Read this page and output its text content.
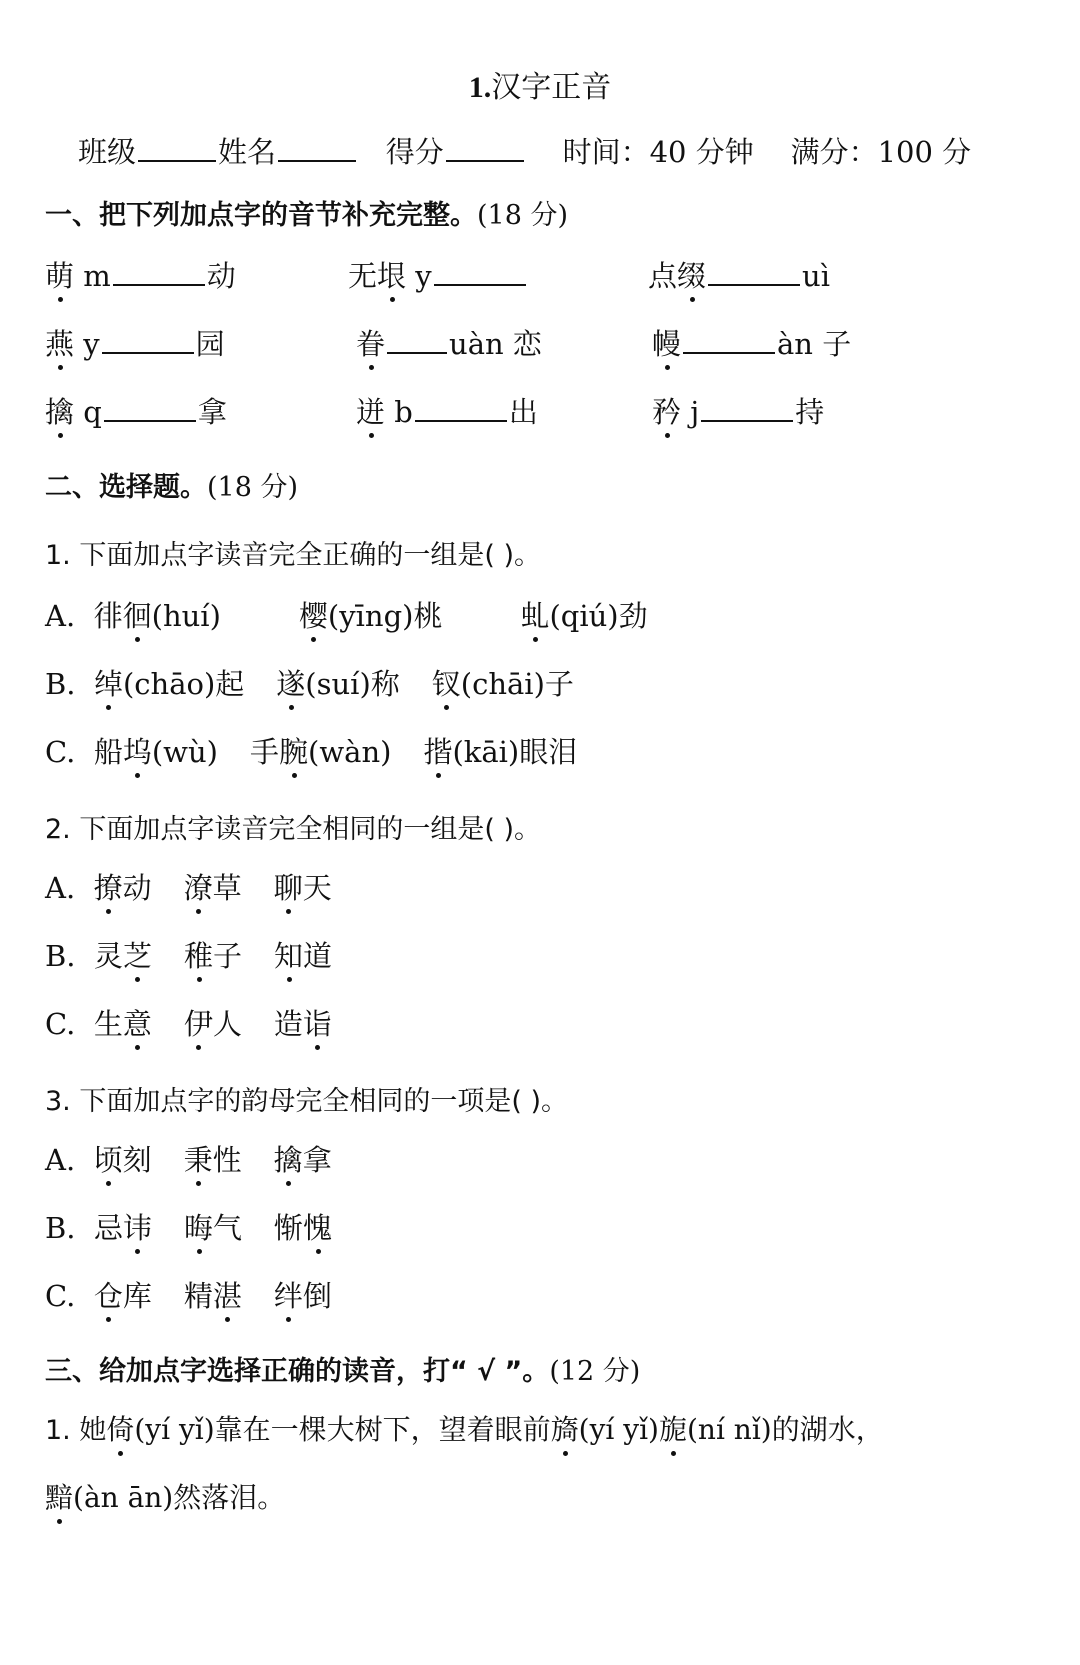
1.汉字正音
班级	姓名	得分	时间：40 分钟 满分：100 分
一、把下列加点字的音节补充完整。(18 分)
萌 m	动	无垠 y	点缀	uì
燕 y	园	眷 uàn 恋	幔	àn 子
擒 q	拿	迸 b	出	矜 j	持
二、选择题。(18 分)
1. 下面加点字读音完全正确的一组是( )。
A. 徘徊(huí)	樱(yīng)桃	虬(qiú)劲
B. 绰(chāo)起 遂(suí)称 钗(chāi)子
C. 船坞(wù) 手腕(wàn) 揩(kāi)眼泪
2. 下面加点字读音完全相同的一组是( )。
A. 撩动 潦草 聊天
B. 灵芝 稚子 知道
C. 生意 伊人 造诣
3. 下面加点字的韵母完全相同的一项是( )。
A. 顷刻 秉性 擒拿
B. 忌讳 晦气 惭愧
C. 仓库 精湛 绊倒
三、给加点字选择正确的读音，打“ √ ”。(12 分)
1. 她倚(yí yǐ)靠在一棵大树下，望着眼前旖(yí yǐ)旎(ní nǐ)的湖水，
黯(àn ān)然落泪。
